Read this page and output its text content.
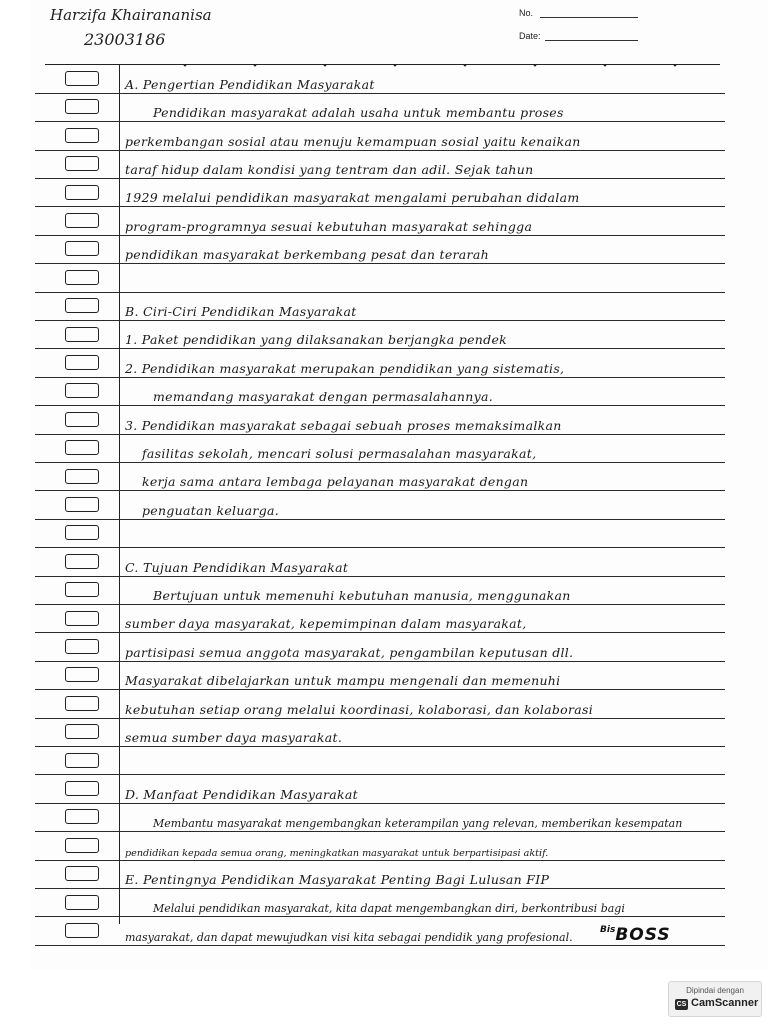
Harzifa Khairananisa
23003186
No.
Date:
A. Pengertian Pendidikan Masyarakat
Pendidikan masyarakat adalah usaha untuk membantu proses
perkembangan sosial atau menuju kemampuan sosial yaitu kenaikan
taraf hidup dalam kondisi yang tentram dan adil. Sejak tahun
1929 melalui pendidikan masyarakat mengalami perubahan didalam
program-programnya sesuai kebutuhan masyarakat sehingga
pendidikan masyarakat berkembang pesat dan terarah
B. Ciri-Ciri Pendidikan Masyarakat
1. Paket pendidikan yang dilaksanakan berjangka pendek
2. Pendidikan masyarakat merupakan pendidikan yang sistematis,
memandang masyarakat dengan permasalahannya.
3. Pendidikan masyarakat sebagai sebuah proses memaksimalkan
fasilitas sekolah, mencari solusi permasalahan masyarakat,
kerja sama antara lembaga pelayanan masyarakat dengan
penguatan keluarga.
C. Tujuan Pendidikan Masyarakat
Bertujuan untuk memenuhi kebutuhan manusia, menggunakan
sumber daya masyarakat, kepemimpinan dalam masyarakat,
partisipasi semua anggota masyarakat, pengambilan keputusan dll.
Masyarakat dibelajarkan untuk mampu mengenali dan memenuhi
kebutuhan setiap orang melalui koordinasi, kolaborasi, dan kolaborasi
semua sumber daya masyarakat.
D. Manfaat Pendidikan Masyarakat
Membantu masyarakat mengembangkan keterampilan yang relevan, memberikan kesempatan
pendidikan kepada semua orang, meningkatkan masyarakat untuk berpartisipasi aktif.
E. Pentingnya Pendidikan Masyarakat Penting Bagi Lulusan FIP
Melalui pendidikan masyarakat, kita dapat mengembangkan diri, berkontribusi bagi
masyarakat, dan dapat mewujudkan visi kita sebagai pendidik yang profesional.
$^{Bis}$BOSS
Dipindai dengan
CS CamScanner
